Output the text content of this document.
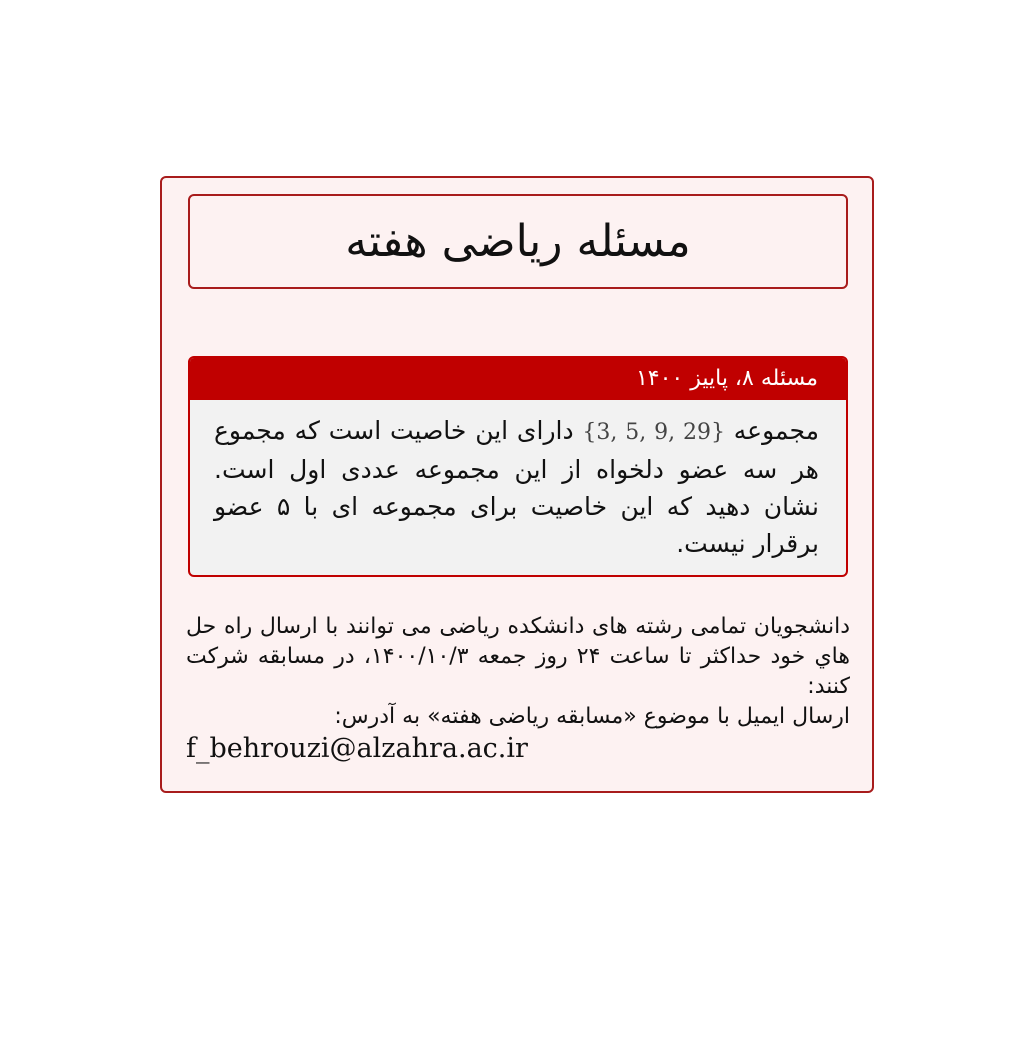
مسئله ریاضی هفته
مسئله ۸، پاییز ۱۴۰۰
مجموعه {3, 5, 9, 29} دارای این خاصیت است که مجموع هر سه عضو دلخواه از این مجموعه عددی اول است. نشان دهید که این خاصیت برای مجموعه ای با ۵ عضو برقرار نیست.

دانشجویان تمامی رشته های دانشکده ریاضی می توانند با ارسال راه حل هاي خود حداکثر تا ساعت ۲۴ روز جمعه ۱۴۰۰/۱۰/۳، در مسابقه شرکت کنند:

ارسال ایمیل با موضوع «مسابقه ریاضی هفته» به آدرس:

f_behrouzi@alzahra.ac.ir
